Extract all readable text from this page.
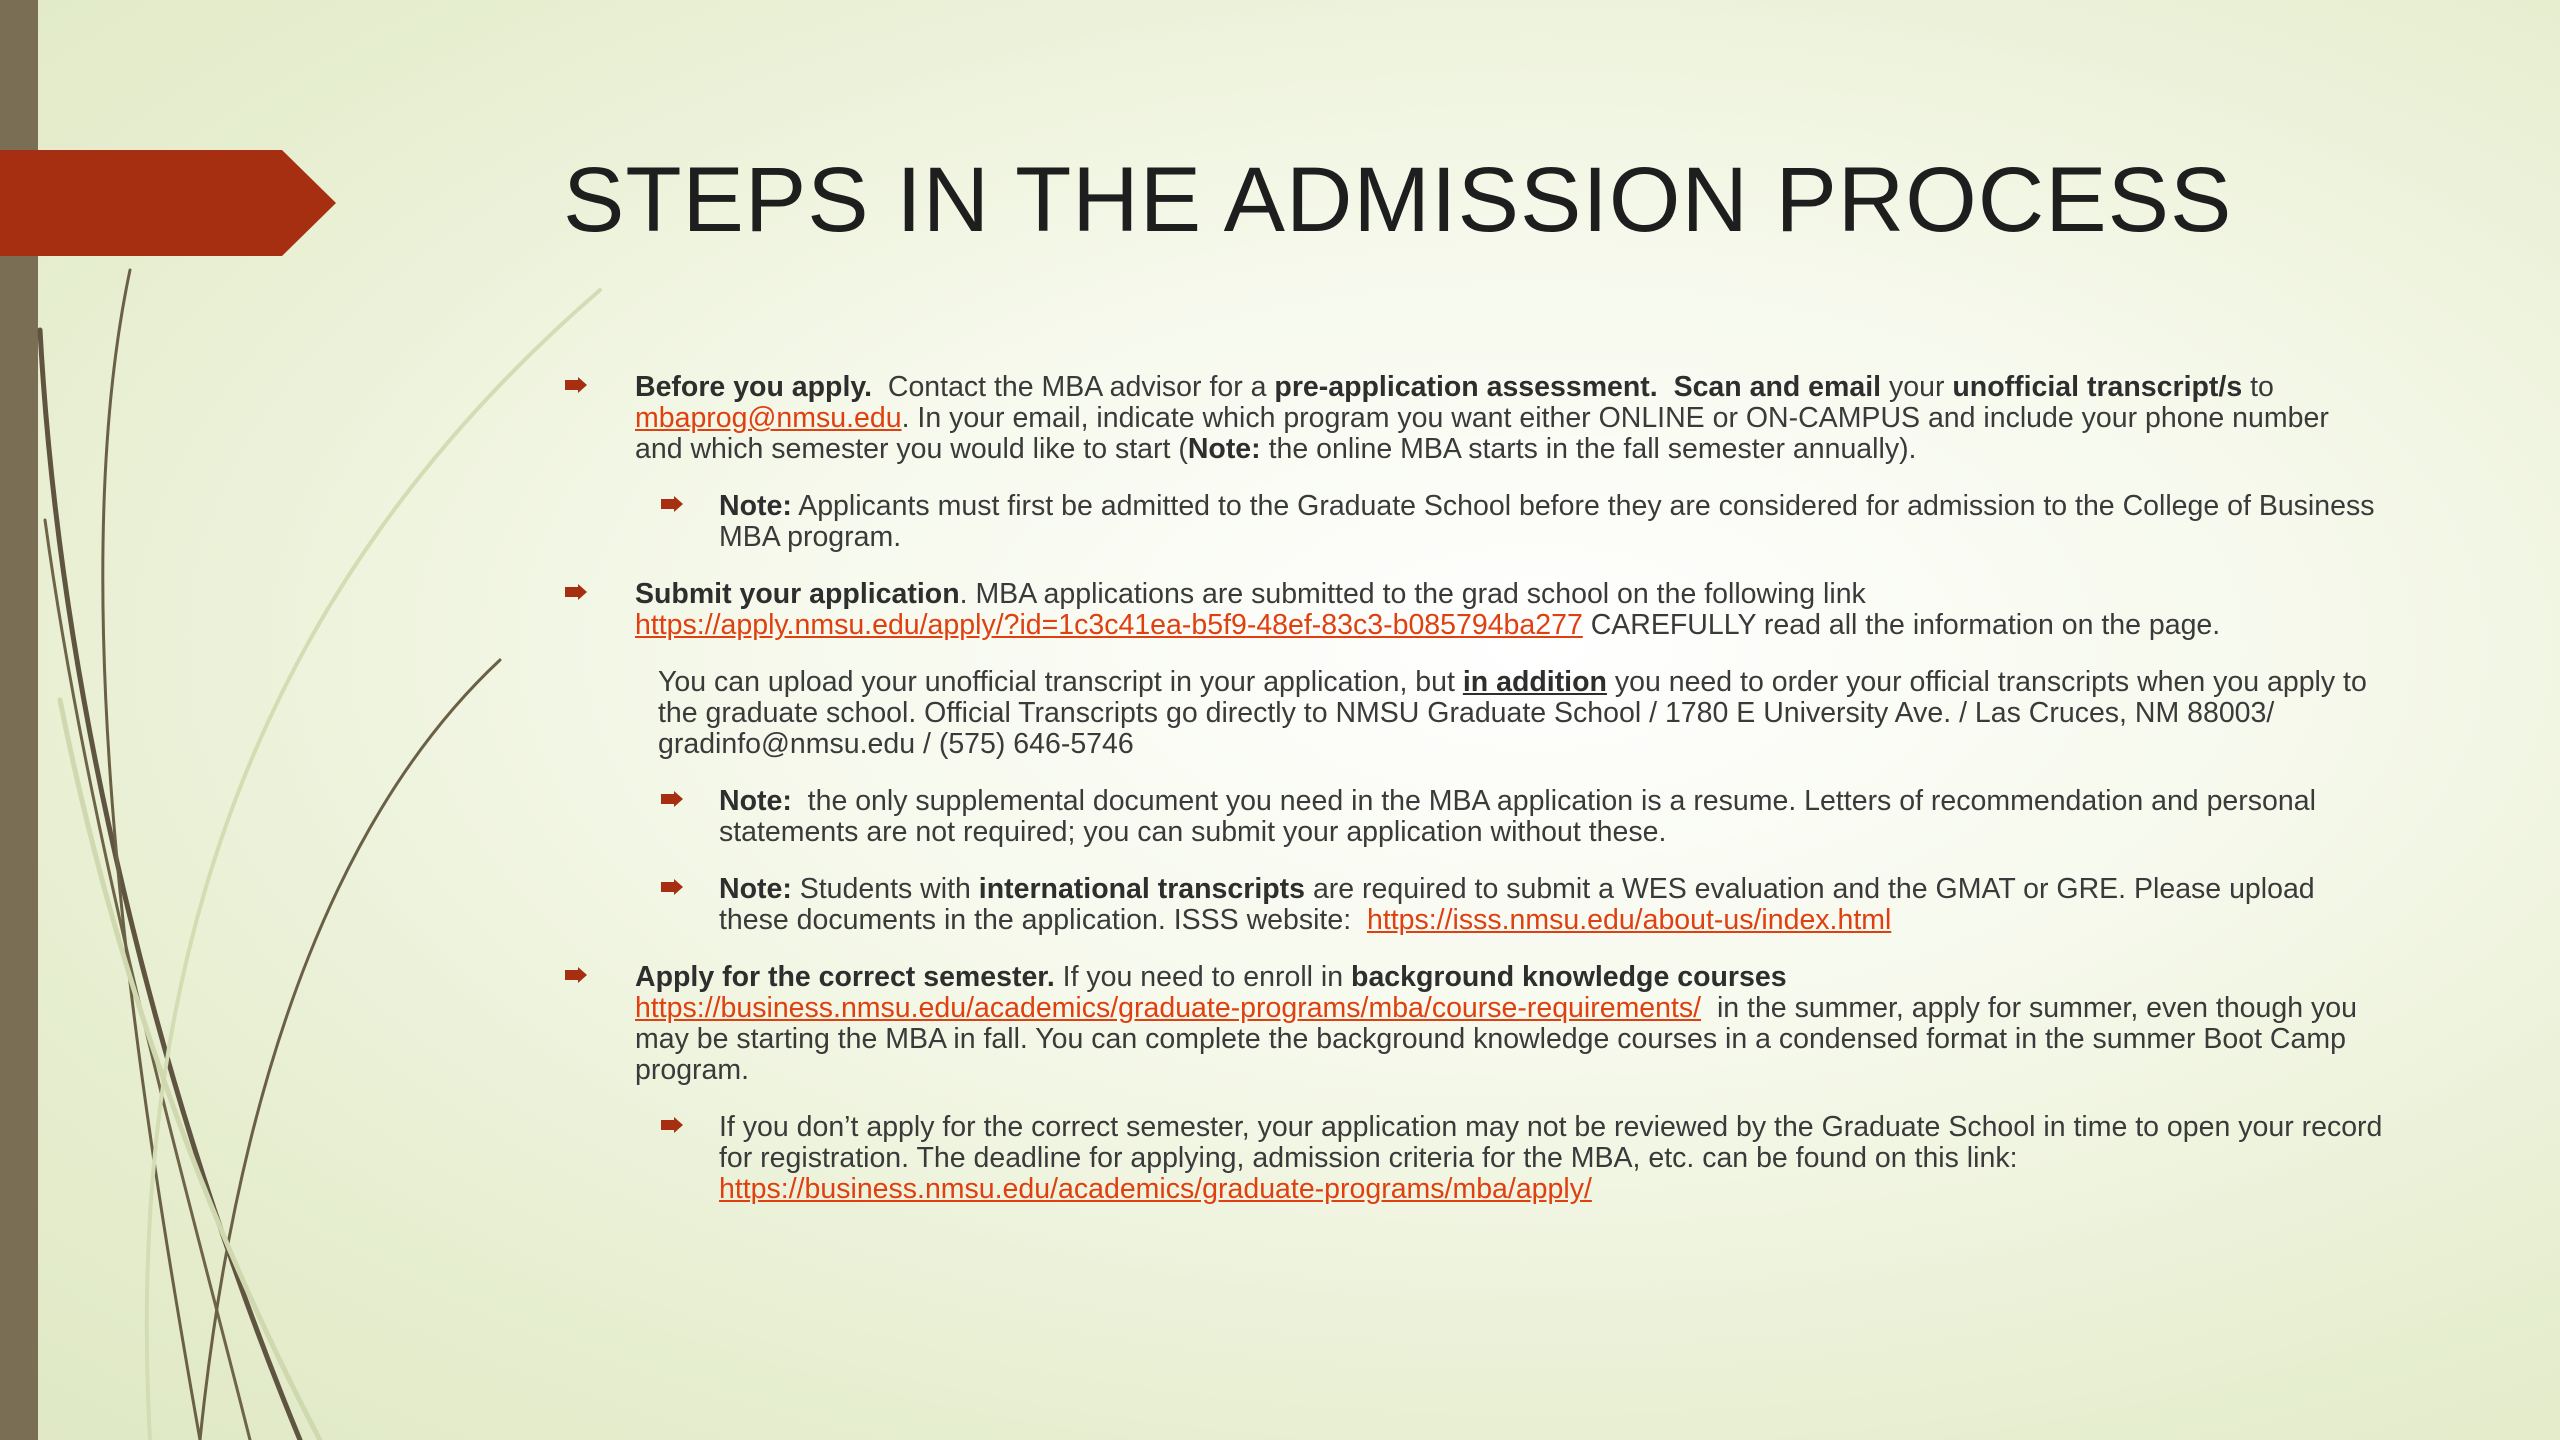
STEPS IN THE ADMISSION PROCESS
Before you apply. Contact the MBA advisor for a pre-application assessment. Scan and email your unofficial transcript/s to mbaprog@nmsu.edu. In your email, indicate which program you want either ONLINE or ON-CAMPUS and include your phone number and which semester you would like to start (Note: the online MBA starts in the fall semester annually).
Note: Applicants must first be admitted to the Graduate School before they are considered for admission to the College of Business MBA program.
Submit your application. MBA applications are submitted to the grad school on the following link
https://apply.nmsu.edu/apply/?id=1c3c41ea-b5f9-48ef-83c3-b085794ba277 CAREFULLY read all the information on the page.
You can upload your unofficial transcript in your application, but in addition you need to order your official transcripts when you apply to the graduate school. Official Transcripts go directly to NMSU Graduate School / 1780 E University Ave. / Las Cruces, NM 88003/ gradinfo@nmsu.edu / (575) 646-5746
Note: the only supplemental document you need in the MBA application is a resume. Letters of recommendation and personal statements are not required; you can submit your application without these.
Note: Students with international transcripts are required to submit a WES evaluation and the GMAT or GRE. Please upload these documents in the application. ISSS website: https://isss.nmsu.edu/about-us/index.html
Apply for the correct semester. If you need to enroll in background knowledge courses
https://business.nmsu.edu/academics/graduate-programs/mba/course-requirements/ in the summer, apply for summer, even though you may be starting the MBA in fall. You can complete the background knowledge courses in a condensed format in the summer Boot Camp program.
If you don’t apply for the correct semester, your application may not be reviewed by the Graduate School in time to open your record for registration. The deadline for applying, admission criteria for the MBA, etc. can be found on this link:  https://business.nmsu.edu/academics/graduate-programs/mba/apply/
